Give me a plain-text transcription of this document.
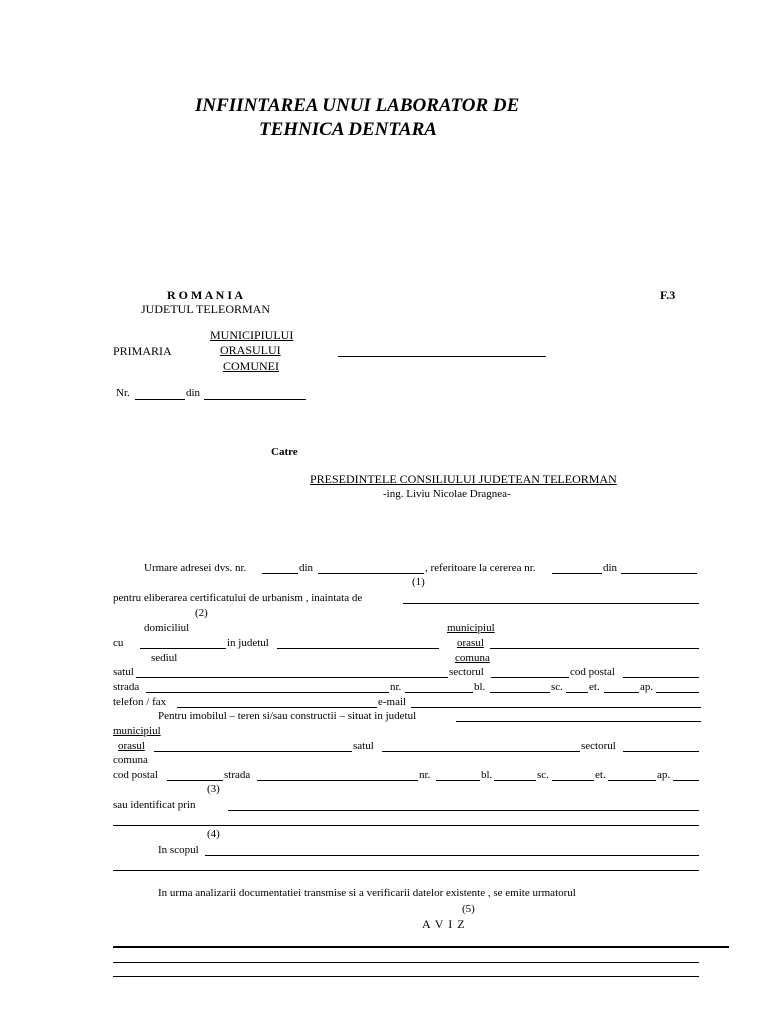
INFIINTAREA UNUI LABORATOR DE
TEHNICA DENTARA
R O M A N I A	F.3
JUDETUL TELEORMAN
MUNICIPIULUI
PRIMARIA	ORASULUI
COMUNEI
Nr.	din
Catre
PRESEDINTELE CONSILIULUI JUDETEAN TELEORMAN
-ing. Liviu Nicolae Dragnea-
Urmare adresei dvs. nr.	din	, referitoare la cererea nr.	din
(1)
pentru eliberarea certificatului de urbanism , inaintata de
(2)
domiciliul	municipiul
cu	in judetul	orasul
sediul	comuna
satul	sectorul	cod postal
strada	nr.	bl.	sc. et.	ap.
telefon / fax	e-mail
Pentru imobilul – teren si/sau constructii – situat in judetul
municipiul
orasul	satul	sectorul
comuna
cod postal	strada	nr.	bl.	sc.	et.	ap.
(3)
sau identificat prin
(4)
In scopul
In urma analizarii documentatiei transmise si a verificarii datelor existente , se emite urmatorul
(5)
A V I Z
